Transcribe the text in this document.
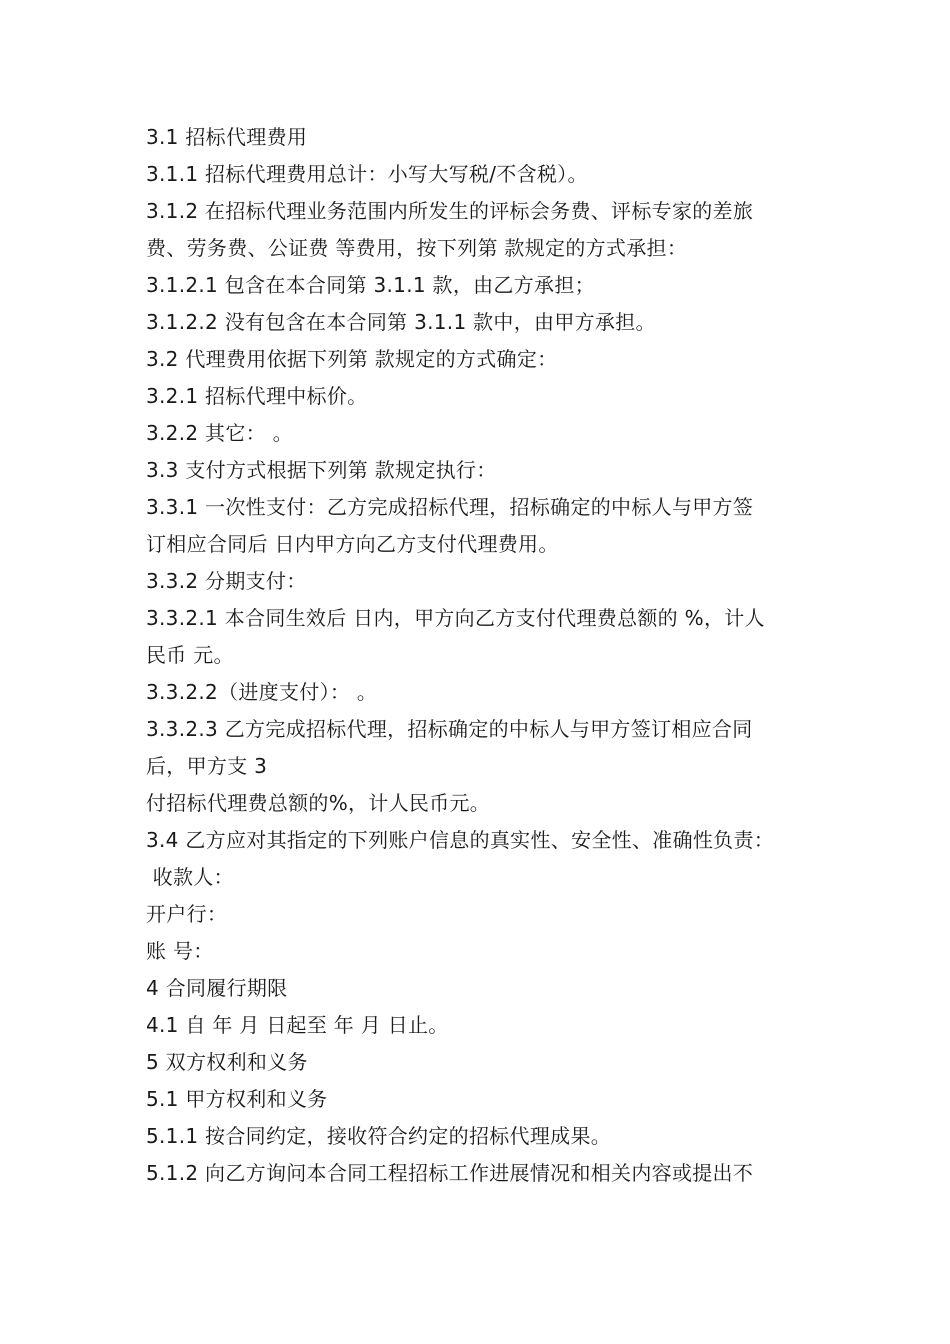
3.1 招标代理费用

3.1.1 招标代理费用总计：小写大写税/不含税）。

3.1.2 在招标代理业务范围内所发生的评标会务费、评标专家的差旅

费、劳务费、公证费 等费用，按下列第 款规定的方式承担：

3.1.2.1 包含在本合同第 3.1.1 款，由乙方承担；

3.1.2.2 没有包含在本合同第 3.1.1 款中，由甲方承担。

3.2 代理费用依据下列第 款规定的方式确定：

3.2.1 招标代理中标价。

3.2.2 其它： 。

3.3 支付方式根据下列第 款规定执行：

3.3.1 一次性支付：乙方完成招标代理，招标确定的中标人与甲方签

订相应合同后 日内甲方向乙方支付代理费用。

3.3.2 分期支付：

3.3.2.1 本合同生效后 日内，甲方向乙方支付代理费总额的 %，计人

民币 元。

3.3.2.2（进度支付）： 。

3.3.2.3 乙方完成招标代理，招标确定的中标人与甲方签订相应合同

后，甲方支 3

付招标代理费总额的%，计人民币元。

3.4 乙方应对其指定的下列账户信息的真实性、安全性、准确性负责：

收款人：

开户行：

账 号：

4 合同履行期限

4.1 自 年 月 日起至 年 月 日止。

5 双方权利和义务

5.1 甲方权利和义务

5.1.1 按合同约定，接收符合约定的招标代理成果。

5.1.2 向乙方询问本合同工程招标工作进展情况和相关内容或提出不
